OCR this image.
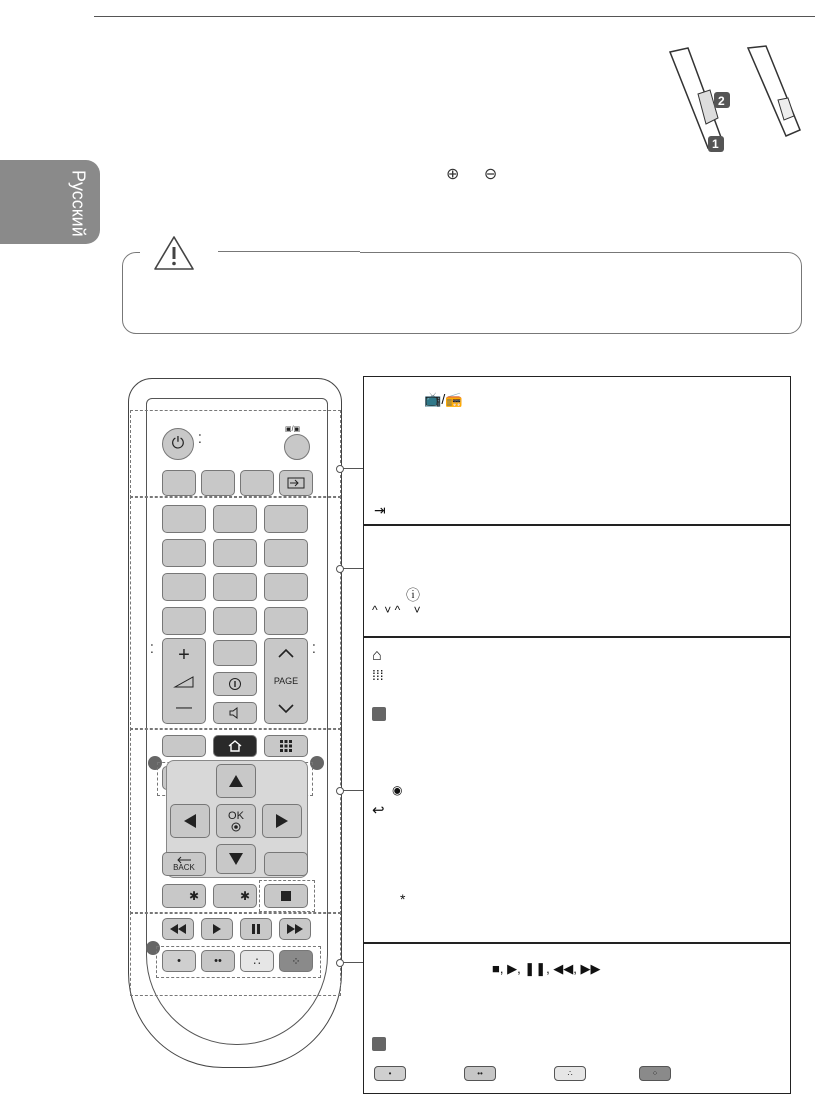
Русский
2
1
⊕ ⊖
⏻	⁚
▣/▣
⁚ +
—
⁚
PAGE
OK
BACK
✱	✱
•	••	∴	⁘
📺/📻
⇥
ⓘ
^  ˅ ^    ˅
⌂
⁞⁞⁞
◉
↩
*
■, ▶, ❚❚, ◀◀, ▶▶
•	••	∴	⁘
